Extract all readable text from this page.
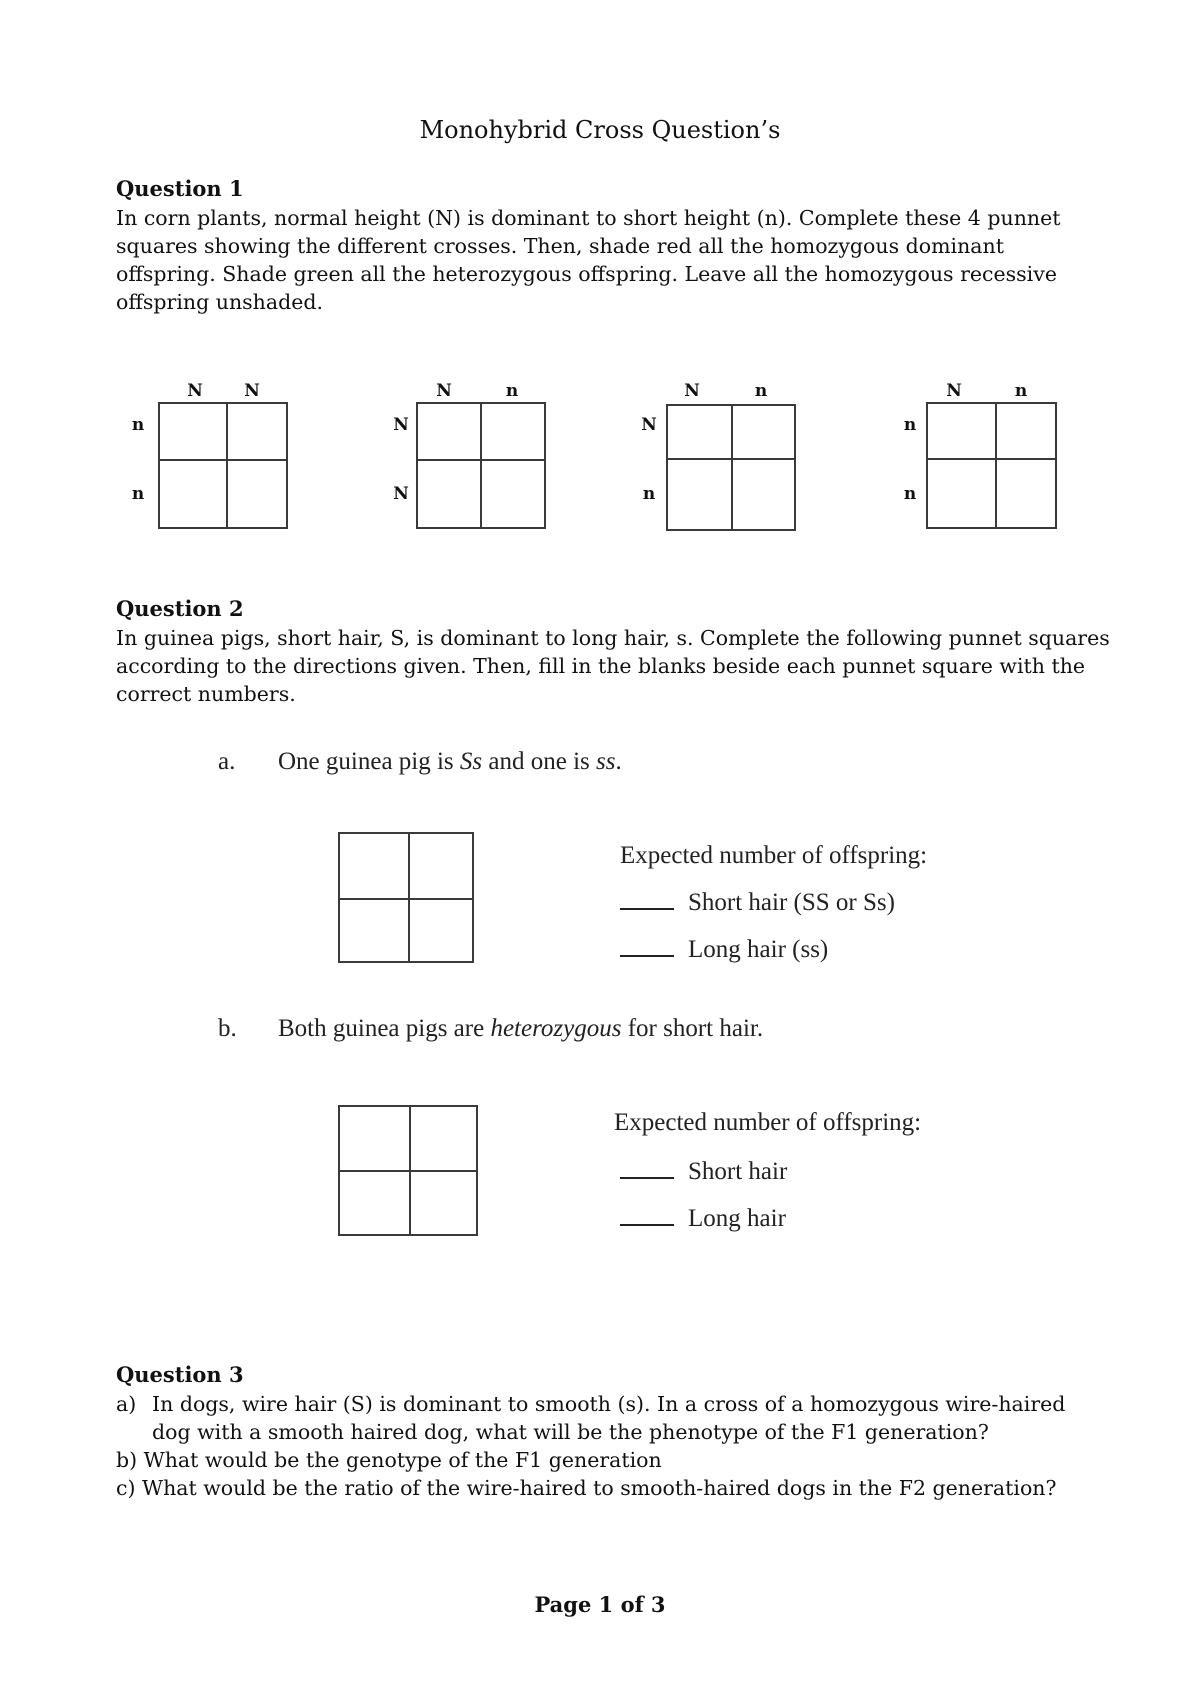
Monohybrid Cross Question’s
Question 1
In corn plants, normal height (N) is dominant to short height (n). Complete these 4 punnet
squares showing the different crosses. Then, shade red all the homozygous dominant
offspring. Shade green all the heterozygous offspring. Leave all the homozygous recessive
offspring unshaded.
N N
n
n
N	n
N
N
N	n
N
n
N	n
n
n
Question 2
In guinea pigs, short hair, S, is dominant to long hair, s. Complete the following punnet squares
according to the directions given. Then, fill in the blanks beside each punnet square with the
correct numbers.
a. One guinea pig is Ss and one is ss.
Expected number of offspring:
Short hair (SS or Ss)
Long hair (ss)
b. Both guinea pigs are heterozygous for short hair.
Expected number of offspring:
Short hair
Long hair
Question 3
a) In dogs, wire hair (S) is dominant to smooth (s). In a cross of a homozygous wire-haired
dog with a smooth haired dog, what will be the phenotype of the F1 generation?
b) What would be the genotype of the F1 generation
c) What would be the ratio of the wire-haired to smooth-haired dogs in the F2 generation?
Page 1 of 3
